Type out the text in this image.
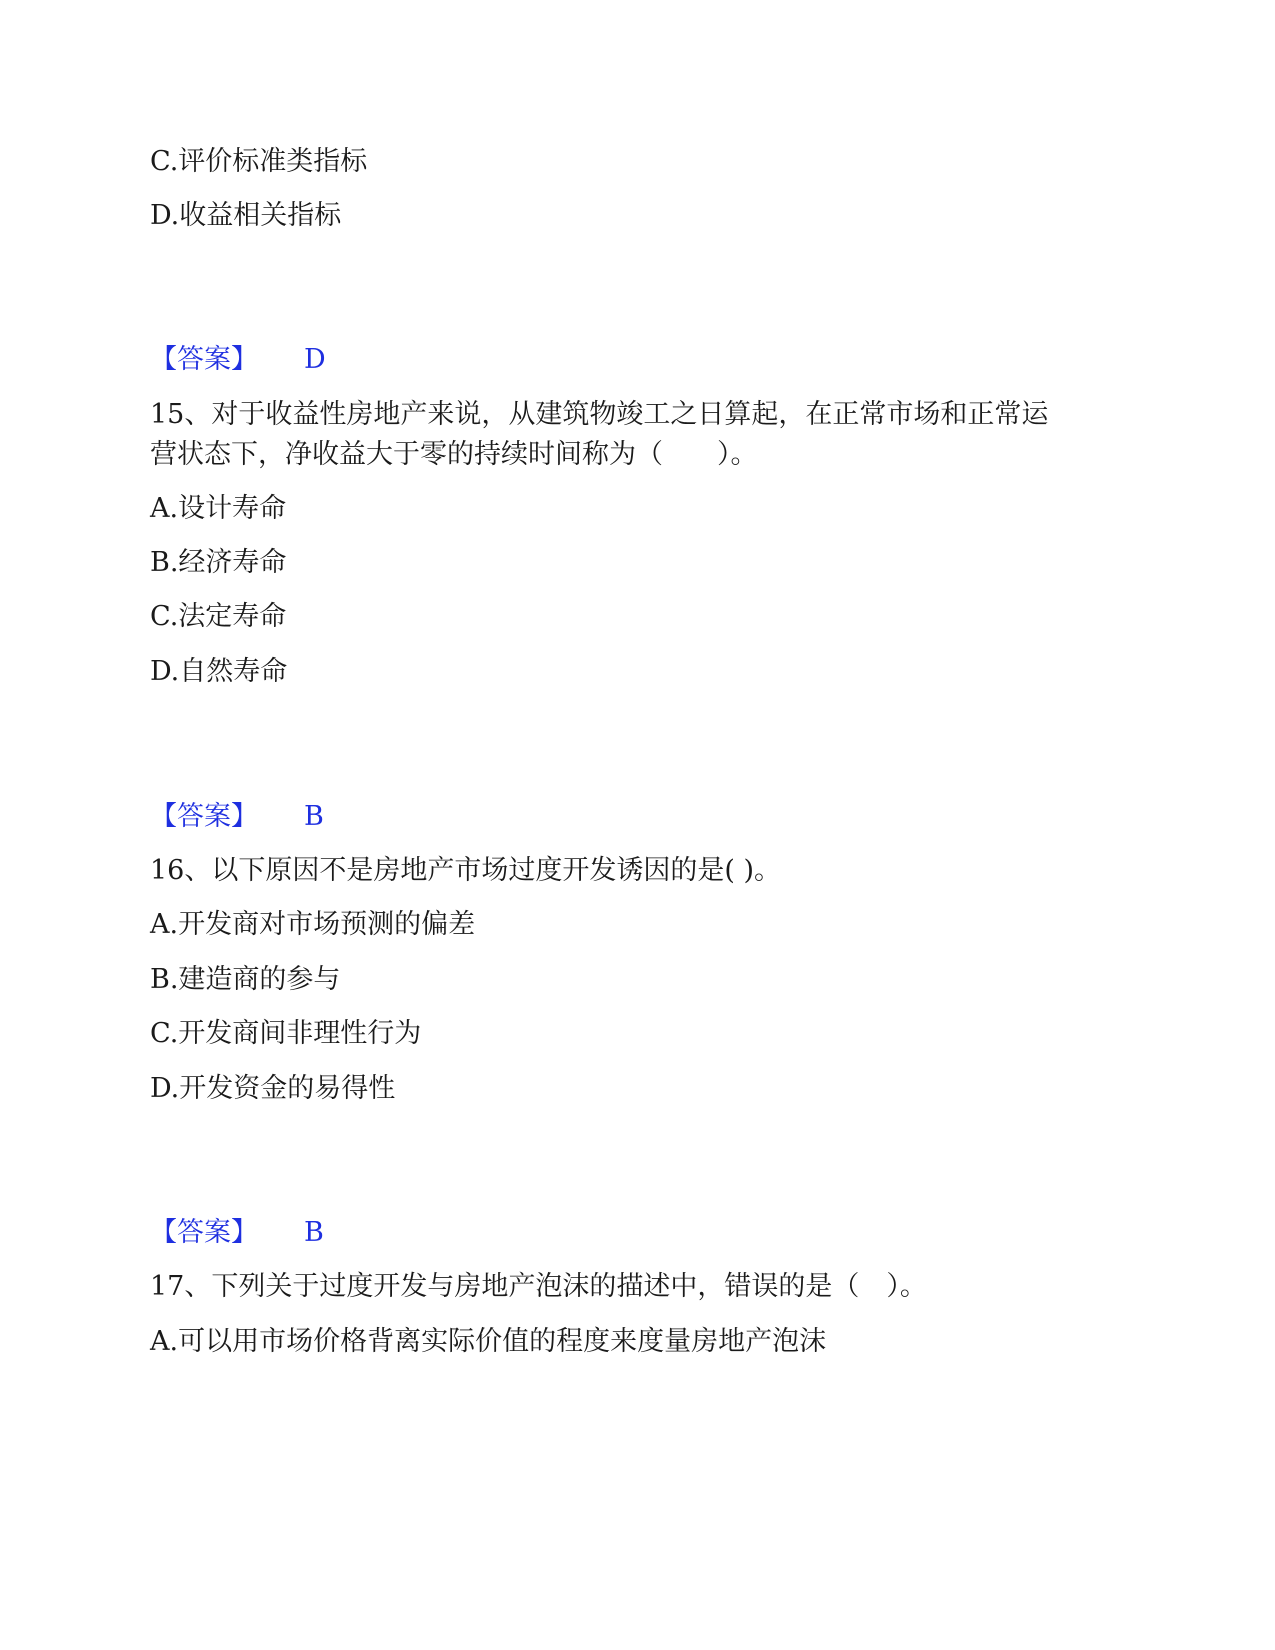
C.评价标准类指标
D.收益相关指标
【答案】 D
15、对于收益性房地产来说，从建筑物竣工之日算起，在正常市场和正常运
营状态下，净收益大于零的持续时间称为（　　）。
A.设计寿命
B.经济寿命
C.法定寿命
D.自然寿命
【答案】 B
16、以下原因不是房地产市场过度开发诱因的是( )。
A.开发商对市场预测的偏差
B.建造商的参与
C.开发商间非理性行为
D.开发资金的易得性
【答案】 B
17、下列关于过度开发与房地产泡沫的描述中，错误的是（　）。
A.可以用市场价格背离实际价值的程度来度量房地产泡沫
